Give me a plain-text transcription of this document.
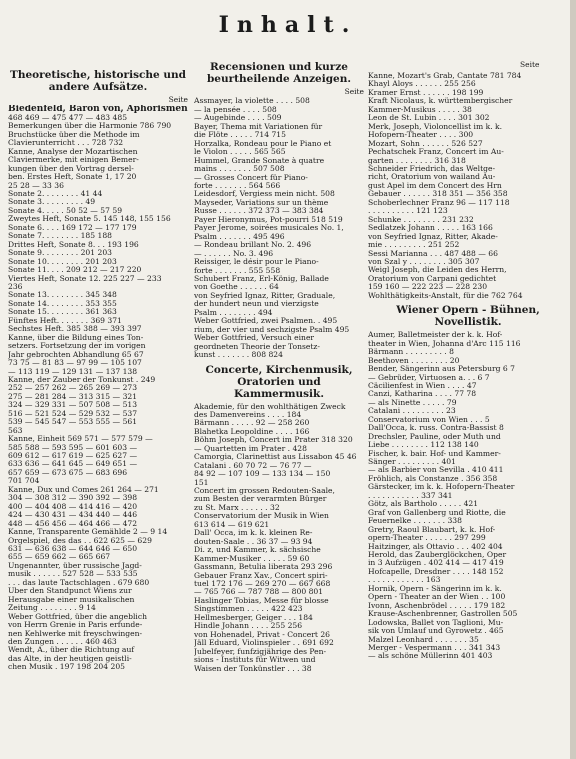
Inhalt.
Seite
Theoretische, historische und andere Aufsätze.
Seite
Biedenfeld, Baron von, Aphorismen
468 469 — 475 477 — 483 485
Bemerkungen über die Harmonie 786 790
Bruchstücke über die Methode im
Clavierunterricht . . . 728 732
Kanne, Analyse der Mozartischen
Claviermerke, mit einigen Bemer-
kungen über den Vortrag dersel-
ben. Erstes Heft, Sonate 1, 17 20
25 28 — 33 36
Sonate 2. . . . . . . . 41 44
Sonate 3. . . . . . . . . 49
Sonate 4. . . . . 50 52 — 57 59
Zweytes Heft, Sonate 5. 145 148, 155 156
Sonate 6. . . . 169 172 — 177 179
Sonate 7. . . . . . . . 185 188
Drittes Heft, Sonate 8. . . 193 196
Sonate 9. . . . . . . . 201 203
Sonate 10. . . . . . . . 201 203
Sonate 11. . . . 209 212 — 217 220
Viertes Heft, Sonate 12. 225 227 — 233
236
Sonate 13. . . . . . . . 345 348
Sonate 14. . . . . . . . 353 355
Sonate 15. . . . . . . . 361 363
Fünftes Heft. . . . . . . 369 371
Sechstes Heft. 385 388 — 393 397
Kanne, über die Bildung eines Ton-
setzers. Fortsetzung der im vorigen
Jahr gebrochten Abhandlung 65 67
73 75 — 81 83 — 97 99 — 105 107
— 113 119 — 129 131 — 137 138
Kanne, der Zauber der Tonkunst . 249
252 — 257 262 — 265 269 — 273
275 — 281 284 — 313 315 — 321
324 — 329 331 — 507 508 — 513
516 — 521 524 — 529 532 — 537
539 — 545 547 — 553 555 — 561
563
Kanne, Einheit 569 571 — 577 579 —
585 588 — 593 595 — 601 603 —
609 612 — 617 619 — 625 627 —
633 636 — 641 645 — 649 651 —
657 659 — 673 675 — 683 696
701 704
Kanne, Dux und Comes 261 264 — 271
304 — 308 312 — 390 392 — 398
400 — 404 408 — 414 416 — 420
424 — 430 431 — 434 440 — 446
448 — 456 456 — 464 466 — 472
Kanne, Transparente Gemählde 2 — 9 14
Orgelspiel, des das . . 622 625 — 629
631 — 636 638 — 644 646 — 650
655 — 659 662 — 665 667
Ungenannter, über russische Jagd-
musik . . . . . . 527 528 — 533 535
. . . das laute Tactschlagen . 679 680
Über den Standpunct Wiens zur
Herausgabe einer musikalischen
Zeitung . . . . . . . . 9 14
Weber Gottfried, über die angeblich
von Herrn Grenie in Paris erfunde-
nen Kehlwerke mit freyschwingen-
den Zungen . . . . . . 460 463
Wendt, A., über die Richtung auf
das Alte, in der heutigen geistli-
chen Musik . 197 198 204 205
Recensionen und kurze beurtheilende Anzeigen.
Seite
Assmayer, la violette . . . . 508
— la pensée . . . . 508
— Augebinde . . . . 509
Bayer, Thema mit Variationen für
die Flöte . . . . . 714 715
Horzalka, Rondeau pour le Piano et
le Violon . . . . . 565 565
Hummel, Grande Sonate à quatre
mains . . . . . . . 507 508
— Grosses Concert für Piano-
forte . . . . . . . 564 566
Leidesdorf, Vergiess mein nicht. 508
Mayseder, Variations sur un thème
Russe . . . . . . 372 373 — 383 384
Payer Hieronymus, Pot-pourri 518 519
Payer Jerome, soirées musicales No. 1,
Psalm . . . . . . . 495 496
— Rondeau brillant No. 2. 496
— . . . . . . No. 3. 496
Reissiger, le désir pour le Piano-
forte . . . . . . . 555 558
Schubert Franz, Erl-König, Ballade
von Goethe . . . . . . 64
von Seyfried Ignaz, Ritter, Graduale,
der hundert neun und vierzigste
Psalm . . . . . . . . 494
Weber Gottfried, zwei Psalmen. . 495
rium, der vier und sechzigste Psalm 495
Weber Gottfried, Versuch einer
geordneten Theorie der Tonsetz-
kunst . . . . . . . 808 824
Concerte, Kirchenmusik, Oratorien und Kammermusik.
Akademie, für den wohlthätigen Zweck
des Damenvereins . . . . 184
Bärmann . . . . . 92 — 258 260
Blahetka Leopoldine . . . . 166
Böhm Joseph, Concert im Prater 318 320
— Quartetten im Prater . 428
Camorgia, Clarinettist aus Lissabon 45 46
Catalani . 60 70 72 — 76 77 —
84 92 — 107 109 — 133 134 — 150
151
Concert im grossen Redouten-Saale,
zum Besten der verarmten Bürger
zu St. Marx . . . . . . 32
Conservatorium der Musik in Wien
613 614 — 619 621
Dall' Occa, im k. k. kleinen Re-
douten-Saale . . 36 37 — 93 94
Di. z, und Kammer, k. sächsische
Kammer-Musiker . . . . . 59 60
Gassmann, Betulia liberata 293 296
Gebauer Franz Xav., Concert spiri-
tuel 172 176 — 269 270 — 667 668
— 765 766 — 787 788 — 800 801
Haslinger Tobias, Messe für blosse
Singstimmen . . . . . 422 423
Hellmesberger, Geiger . . . 184
Hindle Johann . . . . 255 256
von Hohenadel, Privat - Concert 26
Jäll Eduard, Violinspieler . . 691 692
Jubelfeyer, funfzigjährige des Pen-
sions - Instituts für Witwen und
Waisen der Tonkünstler . . . 38
Kanne, Mozart's Grab, Cantate 781 784
Khayl Aloys . . . . . . 255 256
Kramer Ernst . . . . . . 198 199
Kraft Nicolaus, k. württembergischer
Kammer-Musikus . . . . . 38
Leon de St. Lubin . . . . 301 302
Merk, Joseph, Violoncellist im k. k.
Hofopern-Theater . . . . 300
Mozart, Sohn . . . . . . 526 527
Pechatschek Franz, Concert im Au-
garten . . . . . . . . 316 318
Schneider Friedrich, das Weltge-
richt, Oratorium von wailand Au-
gust Apel im dem Concert des Hrn
Gebauer . . . . . . 318 351 — 356 358
Schoberlechner Franz 96 — 117 118
. . . . . . . . . . 121 123
Schunke . . . . . . . . 231 232
Sedlatzek Johann . . . . . 163 166
von Seyfried Ignaz, Ritter, Akade-
mie . . . . . . . . . 251 252
Sessi Marianna . . . 487 488 — 66
von Szal y . . . . . . . . 305 307
Weigl Joseph, die Leiden des Herrn,
Oratorium von Carpani gedichtet
159 160 — 222 223 — 228 230
Wohlthätigkeits-Anstalt, für die 762 764
Wiener Opern - Bühnen, Novellistik.
Aumer, Balletmeister der k. k. Hof-
theater in Wien, Johanna d'Arc 115 116
Bärmann . . . . . . . . . 8
Beethoven . . . . . . . . 20
Bender, Sängerinn aus Petersburg 6 7
— Gebrüder, Virtuosen a. . . 6 7
Cäcilienfest in Wien . . . . 47
Canzi, Katharina . . . . 77 78
— als Ninette . . . . . 79
Catalani . . . . . . . . . 23
Conservatorium von Wien . . . 5
Dall'Occa, k. russ. Contra-Bassist 8
Drechsler, Pauline, oder Muth und
Liebe . . . . . . . . 112 138 140
Fischer, k. bair. Hof- und Kammer-
Sänger . . . . . . . . . 401
— als Barbier von Sevilla . 410 411
Fröhlich, als Constanze . 356 358
Gärstecker, im k. k. Hofopern-Theater
. . . . . . . . . . . 337 341
Götz, als Bartholo . . . . . 421
Graf von Gallenberg und Riotte, die
Feuernelke . . . . . . . 338
Gretry, Raoul Blaubart, k. k. Hof-
opern-Theater . . . . . . 297 299
Haitzinger, als Ottavio . . . 402 404
Herold, das Zauberglöckchen, Oper
in 3 Aufzügen . 402 414 — 417 419
Hofcapelle, Dresdner . . . . 148 152
. . . . . . . . . . . . 163
Hornik, Opern - Sängerinn im k. k.
Opern - Theater an der Wien . . 100
Ivonn, Aschenbrödel . . . . . 179 182
Krause-Aschenbrenner, Gastrollen 505
Lodowska, Ballet von Taglioni, Mu-
sik von Umlauf und Gyrowetz . 465
Malzel Leonhard . . . . . . . 35
Merger - Vespermann . . . 341 343
— als schöne Müllerinn 401 403
